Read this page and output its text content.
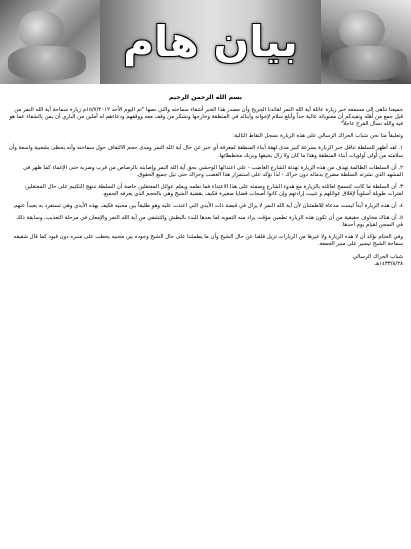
بيان هام
بسم الله الرحمن الرحيم

جميعنا تناهى إلى مسمعه خبر زيارة عائلة آية الله النمر لقائدنا الجريح وأن مصدر هذا الخبر أشقاء سماحته والتي نصها "تم اليوم الأحد ١٥/٧/٢٠١٢م زيارة سماحة آية الله النمر من قبل جمع من أهله ونفيدكم أن معنوياته عالية جداً وأبلغ سلام لإخوانه وأبنائه في المنطقة وخارجها وتشكر من وقف معه ووقفهم ودعاءهم له آملين من الباري أن يمن بالشفاء عما هو فيه والله نسأل الفرج عاجلاً"

وتعليقاً منا نحن شباب الحراك الرسالي على هذه الزيارة نسجل النقاط التالية:

١. لقد أظهر للسلطة تناقل خبر الزيارة بسرعة كبير مدى لهفة أبناء المنطقة لمعرفة أي خبر عن حال آية الله النمر ومدى حجم الالتفاف حول سماحته وأنه يحظى بشعبية واسعة وأن سلامته من أولى أولويات أبناء المنطقة وهذا ما كان ولا زال يخيفها ويربك مخططاتها.

٢. أن السلطات الظالمة تهدف من هذه الزيارة تهدئة الشارع الغاضب - على اعتدائها الوحشي بحق آية الله النمر وإصابته بالرصاص من قرب وضربه حتى الإغماء كما ظهر في المشهد الذي نشرته السلطة مضرج بدمائه دون حراك - لذا نؤكد على استمرار هذا الغضب وحراك حتى نيل جميع الحقوق.

٣. أن السلطة ما كانت لتسمح لعائلته بالزيارة مع هدوء الشارع وصمته على هذا الاعتداء فما نعلمه ويعلم عوائل المعتقلين خاصة أن السلطة تنتهج التكتيم على حال المعتقلين لفترات طويلة أسلوباً لإقلاق عوائلهم و تثبيت إرادتهم وإن كانوا أصحاب قضايا صغيرة فكيف بقضية الشيخ وهي بالحجم الذي يعرفه الجميع.

٤. أن هذه الزيارة أبداً ليست مدعاة للاطمئنان لأن آية الله النمر لا يزال في قبضة ذات الأيدي التي اعتدت عليه وهو طليقاً بين محبيه فكيف بهذه الأيدي وهي تستفرد به بعيداً عنهم.

٥. أن هناك مخاوف حقيقية من أن تكون هذه الزيارة تطمين مؤقت يراد منه التمويه لما بعدها للبدء بالبطش والتشفي من آية الله النمر والإمعان في مرحلة التعذيب، وسابقة ذلك في السجن لقيام يوم أحدها.

وفي الختام نؤكد أن لا هذه الزيارة ولا غيرها من الزيارات تزيل قلقنا عن حال الشيخ وأن ما يطمئننا على حال الشيخ وجوده بين محبيه يخطب على منبره دون قيود كما قال شقيقه سماحة الشيخ تيسير على منبر الجمعة.

شباب الحراك الرسالي
١٤٣٣/٨/٢٨هـ
